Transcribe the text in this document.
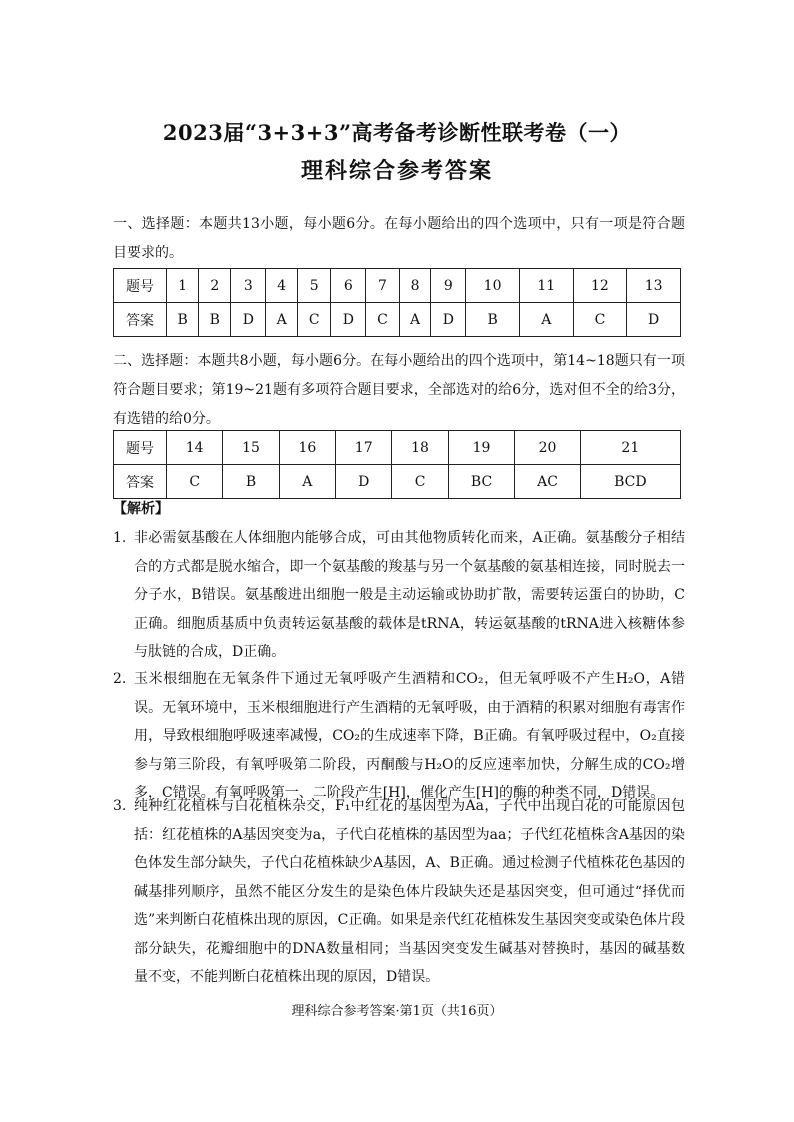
2023届“3+3+3”高考备考诊断性联考卷（一）
理科综合参考答案
一、选择题：本题共13小题，每小题6分。在每小题给出的四个选项中，只有一项是符合题目要求的。
题号	1	2	3	4	5	6	7	8	9	10	11	12	13
答案	B	B	D	A	C	D	C	A	D	B	A	C	D
二、选择题：本题共8小题，每小题6分。在每小题给出的四个选项中，第14~18题只有一项符合题目要求；第19~21题有多项符合题目要求，全部选对的给6分，选对但不全的给3分，有选错的给0分。
题号	14	15	16	17	18	19	20	21
答案	C	B	A	D	C	BC	AC	BCD
【解析】
1. 非必需氨基酸在人体细胞内能够合成，可由其他物质转化而来，A正确。氨基酸分子相结合的方式都是脱水缩合，即一个氨基酸的羧基与另一个氨基酸的氨基相连接，同时脱去一分子水，B错误。氨基酸进出细胞一般是主动运输或协助扩散，需要转运蛋白的协助，C正确。细胞质基质中负责转运氨基酸的载体是tRNA，转运氨基酸的tRNA进入核糖体参与肽链的合成，D正确。
2. 玉米根细胞在无氧条件下通过无氧呼吸产生酒精和CO₂，但无氧呼吸不产生H₂O，A错误。无氧环境中，玉米根细胞进行产生酒精的无氧呼吸，由于酒精的积累对细胞有毒害作用，导致根细胞呼吸速率减慢，CO₂的生成速率下降，B正确。有氧呼吸过程中，O₂直接参与第三阶段，有氧呼吸第二阶段，丙酮酸与H₂O的反应速率加快，分解生成的CO₂增多，C错误。有氧呼吸第一、二阶段产生[H]，催化产生[H]的酶的种类不同，D错误。
3. 纯种红花植株与白花植株杂交，F₁中红花的基因型为Aa，子代中出现白花的可能原因包括：红花植株的A基因突变为a，子代白花植株的基因型为aa；子代红花植株含A基因的染色体发生部分缺失，子代白花植株缺少A基因，A、B正确。通过检测子代植株花色基因的碱基排列顺序，虽然不能区分发生的是染色体片段缺失还是基因突变，但可通过“择优而选”来判断白花植株出现的原因，C正确。如果是亲代红花植株发生基因突变或染色体片段部分缺失，花瓣细胞中的DNA数量相同；当基因突变发生碱基对替换时，基因的碱基数量不变，不能判断白花植株出现的原因，D错误。
理科综合参考答案·第1页（共16页）
